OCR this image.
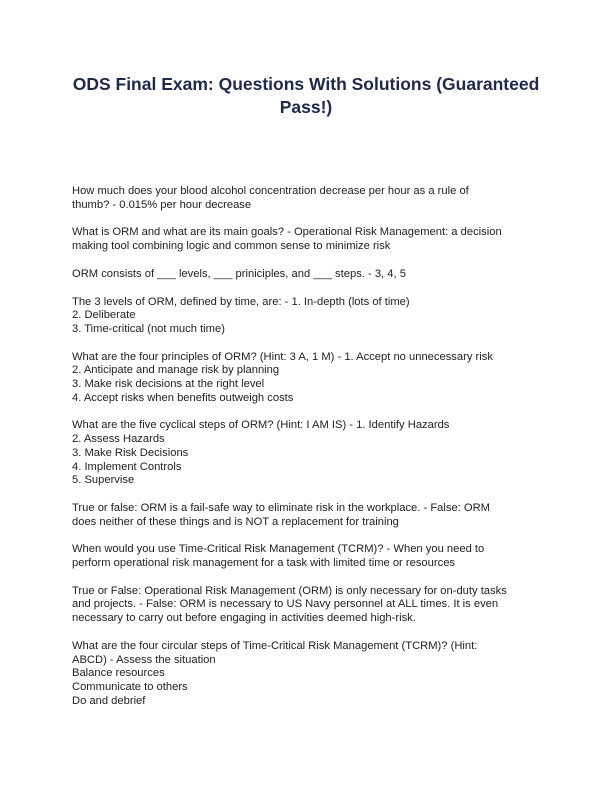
ODS Final Exam: Questions With Solutions (Guaranteed
Pass!)

How much does your blood alcohol concentration decrease per hour as a rule of
thumb? - 0.015% per hour decrease

What is ORM and what are its main goals? - Operational Risk Management: a decision
making tool combining logic and common sense to minimize risk

ORM consists of ___ levels, ___ priniciples, and ___ steps. - 3, 4, 5

The 3 levels of ORM, defined by time, are: - 1. In-depth (lots of time)
2. Deliberate
3. Time-critical (not much time)

What are the four principles of ORM? (Hint: 3 A, 1 M) - 1. Accept no unnecessary risk
2. Anticipate and manage risk by planning
3. Make risk decisions at the right level
4. Accept risks when benefits outweigh costs

What are the five cyclical steps of ORM? (Hint: I AM IS) - 1. Identify Hazards
2. Assess Hazards
3. Make Risk Decisions
4. Implement Controls
5. Supervise

True or false: ORM is a fail-safe way to eliminate risk in the workplace. - False: ORM
does neither of these things and is NOT a replacement for training

When would you use Time-Critical Risk Management (TCRM)? - When you need to
perform operational risk management for a task with limited time or resources

True or False: Operational Risk Management (ORM) is only necessary for on-duty tasks
and projects. - False: ORM is necessary to US Navy personnel at ALL times. It is even
necessary to carry out before engaging in activities deemed high-risk.

What are the four circular steps of Time-Critical Risk Management (TCRM)? (Hint:
ABCD) - Assess the situation
Balance resources
Communicate to others
Do and debrief
